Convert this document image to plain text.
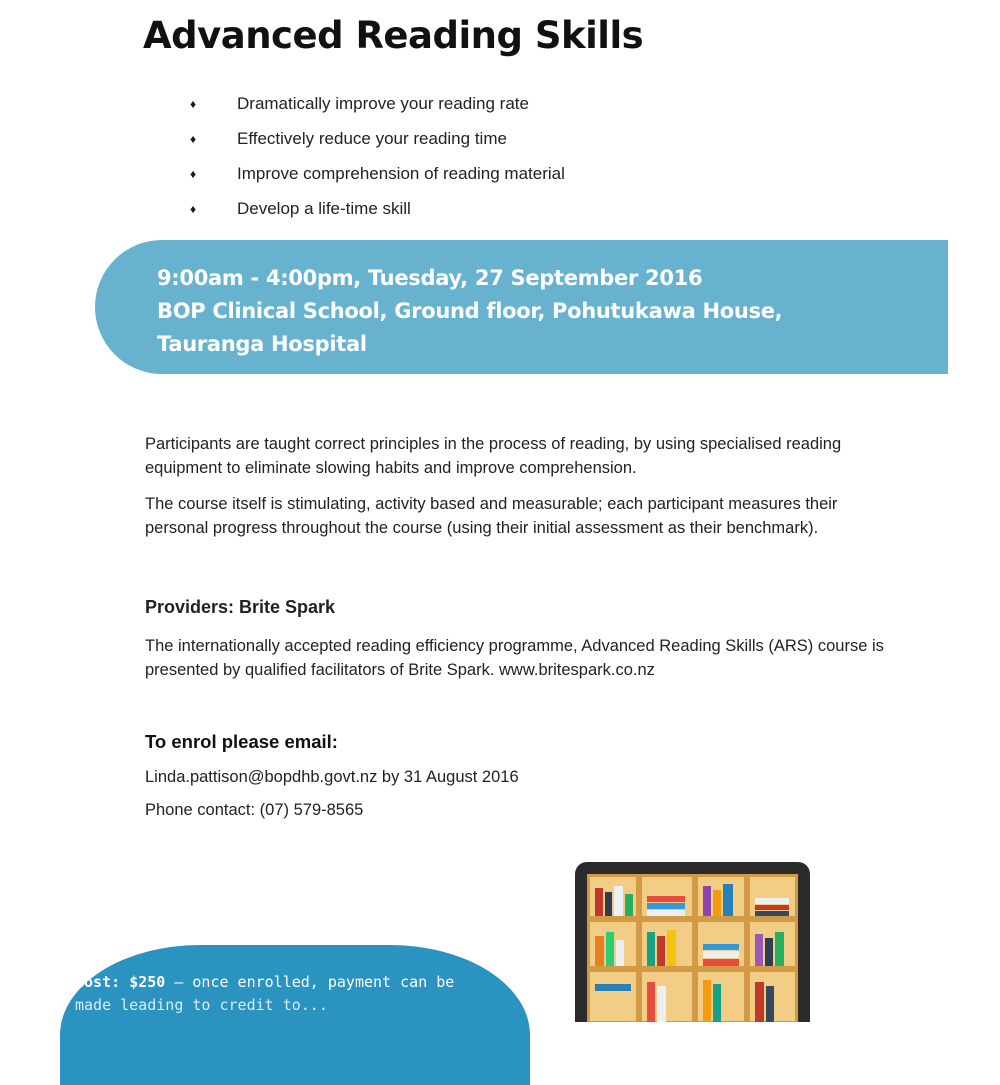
Advanced Reading Skills
♦	Dramatically improve your reading rate
♦	Effectively reduce your reading time
♦	Improve comprehension of reading material
♦	Develop a life-time skill
9:00am - 4:00pm, Tuesday, 27 September 2016
BOP Clinical School, Ground floor, Pohutukawa House,
Tauranga Hospital

Participants are taught correct principles in the process of reading, by using specialised reading equipment to eliminate slowing habits and improve comprehension.

The course itself is stimulating, activity based and measurable; each participant measures their personal progress throughout the course (using their initial assessment as their benchmark).

Providers: Brite Spark

The internationally accepted reading efficiency programme, Advanced Reading Skills (ARS) course is presented by qualified facilitators of Brite Spark. www.britespark.co.nz

To enrol please email:
Linda.pattison@bopdhb.govt.nz by 31 August 2016
Phone contact: (07) 579-8565
Cost: $250 — once enrolled, payment can be
made leading to credit to...
